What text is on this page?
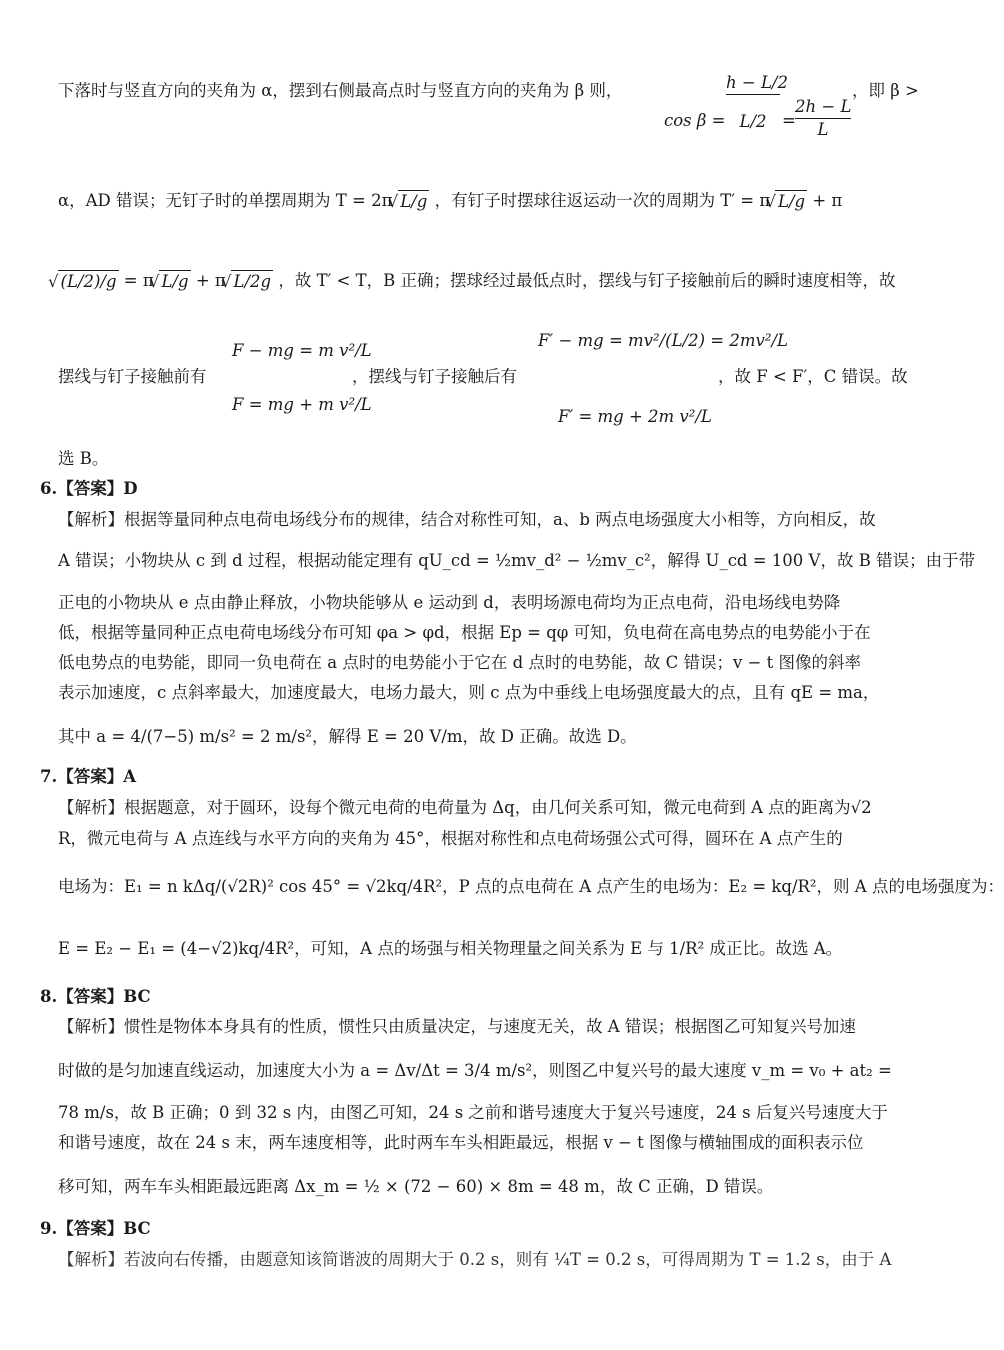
下落时与竖直方向的夹角为 α，摆到右侧最高点时与竖直方向的夹角为 β 则，
$\cos \beta = \frac{h - L/2}{L/2} = \frac{2h - L}{L}$
，即 β >
α，AD 错误；无钉子时的单摆周期为 T = 2π √ L/g ，有钉子时摆球往返运动一次的周期为 T′ = π √ L/g + π
√ (L/2)/g = π √ L/g + π √ L/2g ，故 T′ < T，B 正确；摆球经过最低点时，摆线与钉子接触前后的瞬时速度相等，故
F − mg = m v²/L
摆线与钉子接触前有
F = mg + m v²/L
，摆线与钉子接触后有
F′ − mg = mv²/(L/2) = 2mv²/L
F′ = mg + 2m v²/L
，故 F < F′，C 错误。故
选 B。
6.【答案】D
【解析】根据等量同种点电荷电场线分布的规律，结合对称性可知，a、b 两点电场强度大小相等，方向相反，故
A 错误；小物块从 c 到 d 过程，根据动能定理有 qU_cd = ½mv_d² − ½mv_c²，解得 U_cd = 100 V，故 B 错误；由于带
正电的小物块从 e 点由静止释放，小物块能够从 e 运动到 d，表明场源电荷均为正点电荷，沿电场线电势降
低，根据等量同种正点电荷电场线分布可知 φa > φd，根据 Ep = qφ 可知，负电荷在高电势点的电势能小于在
低电势点的电势能，即同一负电荷在 a 点时的电势能小于它在 d 点时的电势能，故 C 错误；v − t 图像的斜率
表示加速度，c 点斜率最大，加速度最大，电场力最大，则 c 点为中垂线上电场强度最大的点，且有 qE = ma，
其中 a = 4/(7−5) m/s² = 2 m/s²，解得 E = 20 V/m，故 D 正确。故选 D。
7.【答案】A
【解析】根据题意，对于圆环，设每个微元电荷的电荷量为 Δq，由几何关系可知，微元电荷到 A 点的距离为√2
R，微元电荷与 A 点连线与水平方向的夹角为 45°，根据对称性和点电荷场强公式可得，圆环在 A 点产生的
电场为：E₁ = n kΔq/(√2R)² cos 45° = √2kq/4R²，P 点的点电荷在 A 点产生的电场为：E₂ = kq/R²，则 A 点的电场强度为：
E = E₂ − E₁ = (4−√2)kq/4R²，可知，A 点的场强与相关物理量之间关系为 E 与 1/R² 成正比。故选 A。
8.【答案】BC
【解析】惯性是物体本身具有的性质，惯性只由质量决定，与速度无关，故 A 错误；根据图乙可知复兴号加速
时做的是匀加速直线运动，加速度大小为 a = Δv/Δt = 3/4 m/s²，则图乙中复兴号的最大速度 v_m = v₀ + at₂ =
78 m/s，故 B 正确；0 到 32 s 内，由图乙可知，24 s 之前和谐号速度大于复兴号速度，24 s 后复兴号速度大于
和谐号速度，故在 24 s 末，两车速度相等，此时两车车头相距最远，根据 v − t 图像与横轴围成的面积表示位
移可知，两车车头相距最远距离 Δx_m = ½ × (72 − 60) × 8m = 48 m，故 C 正确，D 错误。
9.【答案】BC
【解析】若波向右传播，由题意知该简谐波的周期大于 0.2 s，则有 ¼T = 0.2 s，可得周期为 T = 1.2 s，由于 A
